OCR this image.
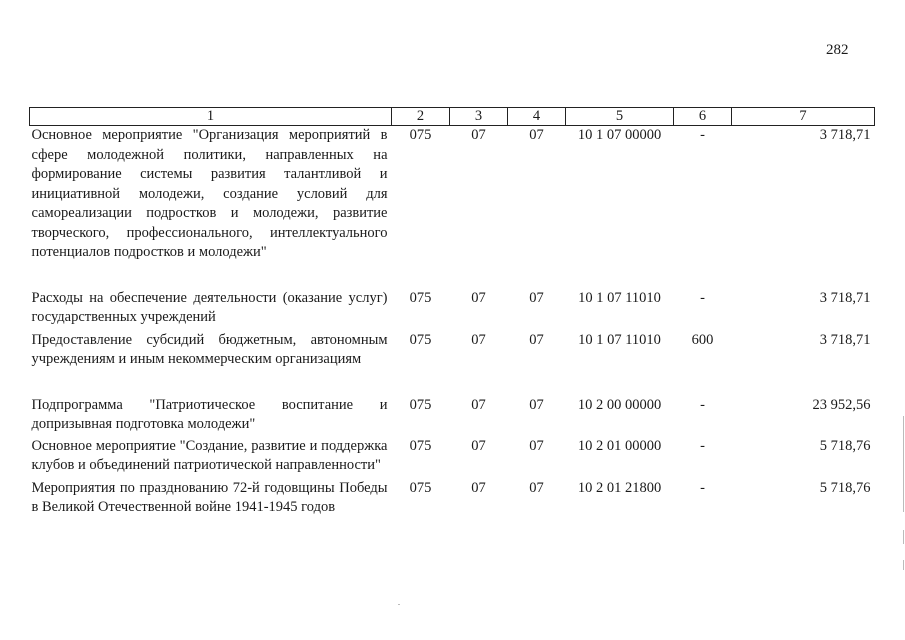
282
1	2	3	4	5	6	7
Основное мероприятие "Организация мероприятий в сфере молодежной политики, направленных на формирование системы развития талантливой и инициативной молодежи, создание условий для самореализации подростков и молодежи, развитие творческого, профессионального, интеллектуального потенциалов подростков и молодежи"	075	07	07	10 1 07 00000	-	3 718,71

Расходы на обеспечение деятельности (оказание услуг) государственных учреждений	075	07	07	10 1 07 11010	-	3 718,71

Предоставление субсидий бюджетным, автономным учреждениям и иным некоммерческим организациям	075	07	07	10 1 07 11010	600	3 718,71

Подпрограмма "Патриотическое воспитание и допризывная подготовка молодежи"	075	07	07	10 2 00 00000	-	23 952,56

Основное мероприятие "Создание, развитие и поддержка клубов и объединений патриотической направленности"	075	07	07	10 2 01 00000	-	5 718,76

Мероприятия по празднованию 72-й годовщины Победы в Великой Отечественной войне 1941-1945 годов	075	07	07	10 2 01 21800	-	5 718,76
